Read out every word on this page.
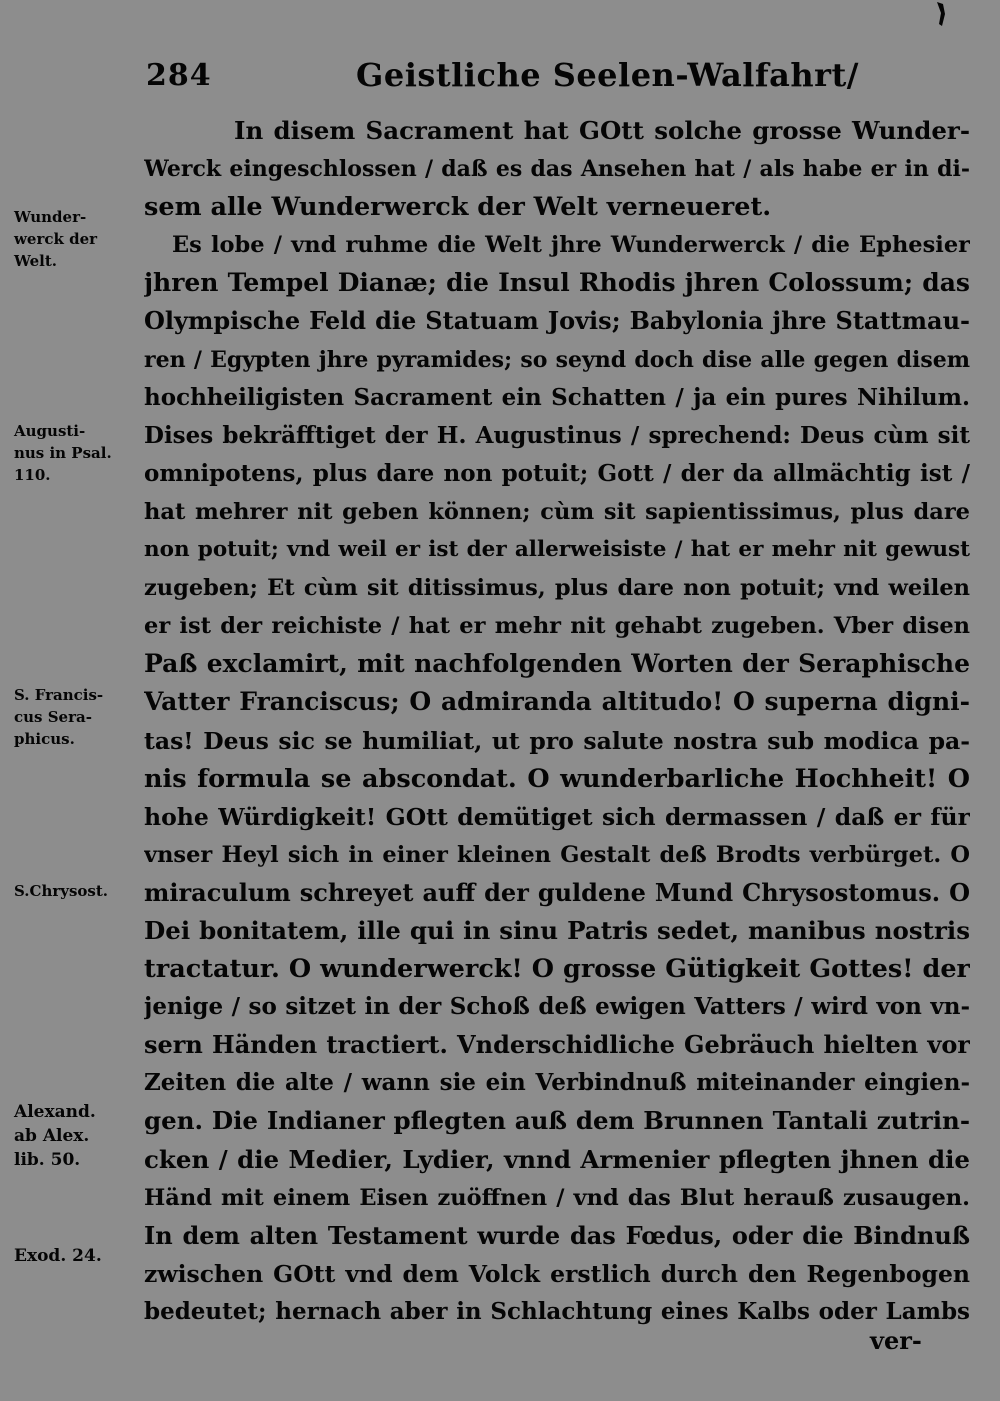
284	Geistliche Seelen-Walfahrt/
Wunder-
werck der
Welt.
Augusti-
nus in Psal.
110.
S. Francis-
cus Sera-
phicus.
S.Chrysost.
Alexand.
ab Alex.
lib. 50.
Exod. 24.
In disem Sacrament hat GOtt solche grosse Wunder-
Werck eingeschlossen / daß es das Ansehen hat / als habe er in di-
sem alle Wunderwerck der Welt verneueret.
Es lobe / vnd ruhme die Welt jhre Wunderwerck / die Ephesier
jhren Tempel Dianæ; die Insul Rhodis jhren Colossum; das
Olympische Feld die Statuam Jovis; Babylonia jhre Stattmau-
ren / Egypten jhre pyramides; so seynd doch dise alle gegen disem
hochheiligisten Sacrament ein Schatten / ja ein pures Nihilum.
Dises bekräfftiget der H. Augustinus / sprechend: Deus cùm sit
omnipotens, plus dare non potuit; Gott / der da allmächtig ist /
hat mehrer nit geben können; cùm sit sapientissimus, plus dare
non potuit; vnd weil er ist der allerweisiste / hat er mehr nit gewust
zugeben; Et cùm sit ditissimus, plus dare non potuit; vnd weilen
er ist der reichiste / hat er mehr nit gehabt zugeben. Vber disen
Paß exclamirt, mit nachfolgenden Worten der Seraphische
Vatter Franciscus; O admiranda altitudo! O superna digni-
tas! Deus sic se humiliat, ut pro salute nostra sub modica pa-
nis formula se abscondat. O wunderbarliche Hochheit! O
hohe Würdigkeit! GOtt demütiget sich dermassen / daß er für
vnser Heyl sich in einer kleinen Gestalt deß Brodts verbürget. O
miraculum schreyet auff der guldene Mund Chrysostomus. O
Dei bonitatem, ille qui in sinu Patris sedet, manibus nostris
tractatur. O wunderwerck! O grosse Gütigkeit Gottes! der
jenige / so sitzet in der Schoß deß ewigen Vatters / wird von vn-
sern Händen tractiert. Vnderschidliche Gebräuch hielten vor
Zeiten die alte / wann sie ein Verbindnuß miteinander eingien-
gen. Die Indianer pflegten auß dem Brunnen Tantali zutrin-
cken / die Medier, Lydier, vnnd Armenier pflegten jhnen die
Händ mit einem Eisen zuöffnen / vnd das Blut herauß zusaugen.
In dem alten Testament wurde das Fœdus, oder die Bindnuß
zwischen GOtt vnd dem Volck erstlich durch den Regenbogen
bedeutet; hernach aber in Schlachtung eines Kalbs oder Lambs
ver-
